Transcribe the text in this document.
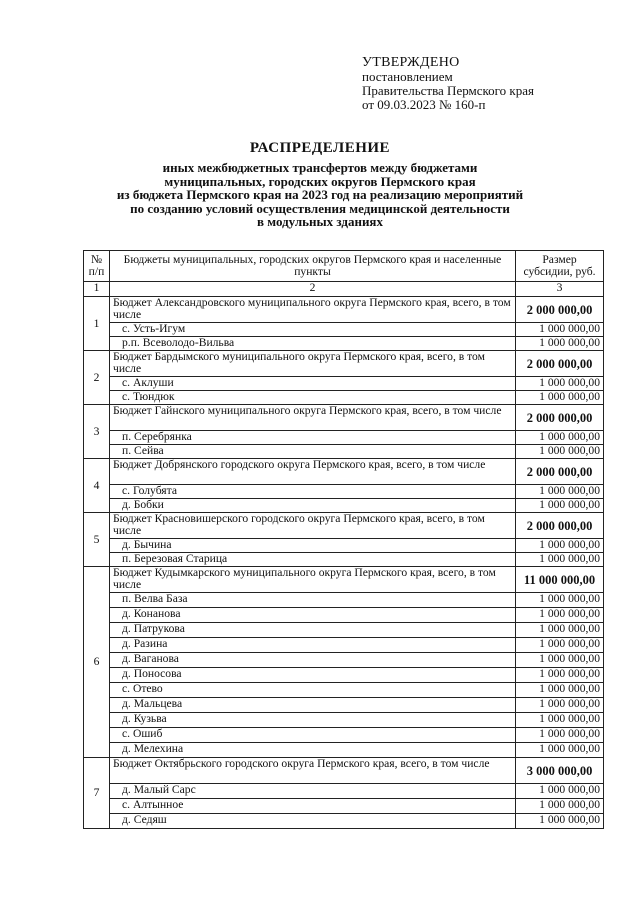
УТВЕРЖДЕНО
постановлением
Правительства Пермского края
от 09.03.2023 № 160-п
РАСПРЕДЕЛЕНИЕ
иных межбюджетных трансфертов между бюджетами
муниципальных, городских округов Пермского края
из бюджета Пермского края на 2023 год на реализацию мероприятий
по созданию условий осуществления медицинской деятельности
в модульных зданиях
№ п/п	Бюджеты муниципальных, городских округов Пермского края и населенные пункты	Размер субсидии, руб.
1	2	3
1	Бюджет Александровского муниципального округа Пермского края, всего, в том числе	2 000 000,00
	с. Усть-Игум	1 000 000,00
	р.п. Всеволодо-Вильва	1 000 000,00
2	Бюджет Бардымского муниципального округа Пермского края, всего, в том числе	2 000 000,00
	с. Аклуши	1 000 000,00
	с. Тюндюк	1 000 000,00
3	Бюджет Гайнского муниципального округа Пермского края, всего, в том числе	2 000 000,00
	п. Серебрянка	1 000 000,00
	п. Сейва	1 000 000,00
4	Бюджет Добрянского городского округа Пермского края, всего, в том числе	2 000 000,00
	с. Голубята	1 000 000,00
	д. Бобки	1 000 000,00
5	Бюджет Красновишерского городского округа Пермского края, всего, в том числе	2 000 000,00
	д. Бычина	1 000 000,00
	п. Березовая Старица	1 000 000,00
6	Бюджет Кудымкарского муниципального округа Пермского края, всего, в том числе	11 000 000,00
	п. Велва База	1 000 000,00
	д. Конанова	1 000 000,00
	д. Патрукова	1 000 000,00
	д. Разина	1 000 000,00
	д. Ваганова	1 000 000,00
	д. Поносова	1 000 000,00
	с. Отево	1 000 000,00
	д. Мальцева	1 000 000,00
	д. Кузьва	1 000 000,00
	с. Ошиб	1 000 000,00
	д. Мелехина	1 000 000,00
7	Бюджет Октябрьского городского округа Пермского края, всего, в том числе	3 000 000,00
	д. Малый Сарс	1 000 000,00
	с. Алтынное	1 000 000,00
	д. Седяш	1 000 000,00
